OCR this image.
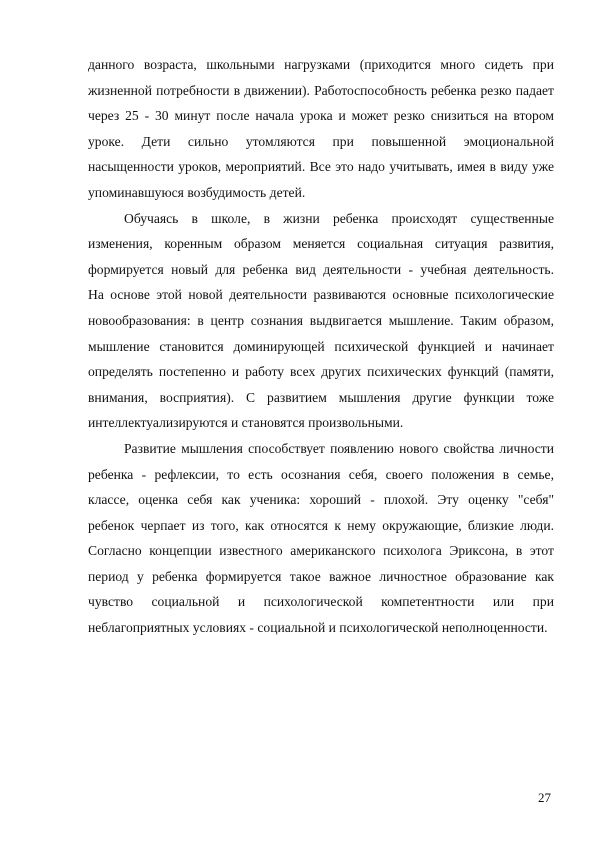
данного возраста, школьными нагрузками (приходится много сидеть при
жизненной потребности в движении). Работоспособность ребенка резко падает
через 25 - 30 минут после начала урока и может резко снизиться на втором
уроке. Дети сильно утомляются при повышенной эмоциональной
насыщенности уроков, мероприятий. Все это надо учитывать, имея в виду уже
упоминавшуюся возбудимость детей.
Обучаясь в школе, в жизни ребенка происходят существенные
изменения, коренным образом меняется социальная ситуация развития,
формируется новый для ребенка вид деятельности - учебная деятельность.
На основе этой новой деятельности развиваются основные психологические
новообразования: в центр сознания выдвигается мышление. Таким образом,
мышление становится доминирующей психической функцией и начинает
определять постепенно и работу всех других психических функций (памяти,
внимания, восприятия). С развитием мышления другие функции тоже
интеллектуализируются и становятся произвольными.
Развитие мышления способствует появлению нового свойства личности
ребенка - рефлексии, то есть осознания себя, своего положения в семье,
классе, оценка себя как ученика: хороший - плохой. Эту оценку "себя"
ребенок черпает из того, как относятся к нему окружающие, близкие люди.
Согласно концепции известного американского психолога Эриксона, в этот
период у ребенка формируется такое важное личностное образование как
чувство социальной и психологической компетентности или при
неблагоприятных условиях - социальной и психологической неполноценности.
27
